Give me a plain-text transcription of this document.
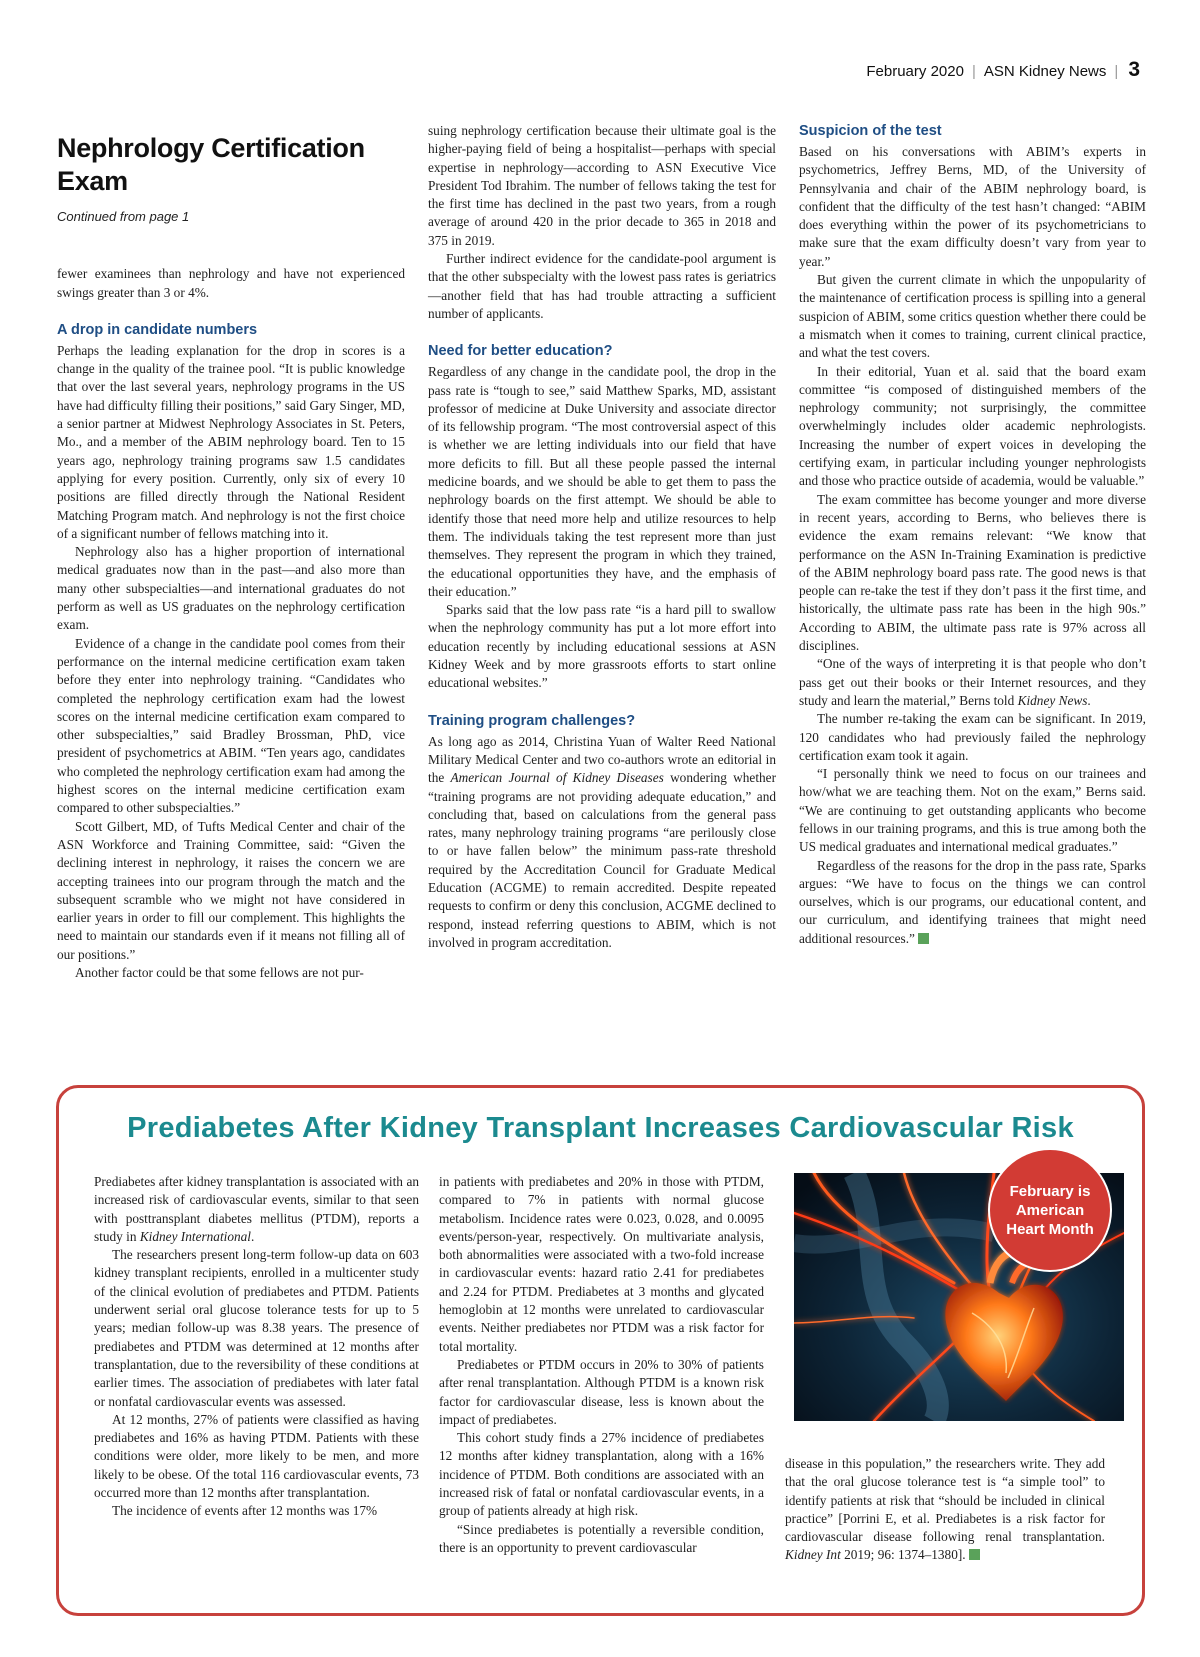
February 2020 | ASN Kidney News | 3
Nephrology Certification Exam
Continued from page 1

fewer examinees than nephrology and have not experienced swings greater than 3 or 4%.

A drop in candidate numbers

Perhaps the leading explanation for the drop in scores is a change in the quality of the trainee pool. “It is public knowledge that over the last several years, nephrology programs in the US have had difficulty filling their positions,” said Gary Singer, MD, a senior partner at Midwest Nephrology Associates in St. Peters, Mo., and a member of the ABIM nephrology board. Ten to 15 years ago, nephrology training programs saw 1.5 candidates applying for every position. Currently, only six of every 10 positions are filled directly through the National Resident Matching Program match. And nephrology is not the first choice of a significant number of fellows matching into it.

Nephrology also has a higher proportion of international medical graduates now than in the past—and also more than many other subspecialties—and international graduates do not perform as well as US graduates on the nephrology certification exam.

Evidence of a change in the candidate pool comes from their performance on the internal medicine certification exam taken before they enter into nephrology training. “Candidates who completed the nephrology certification exam had the lowest scores on the internal medicine certification exam compared to other subspecialties,” said Bradley Brossman, PhD, vice president of psychometrics at ABIM. “Ten years ago, candidates who completed the nephrology certification exam had among the highest scores on the internal medicine certification exam compared to other subspecialties.”

Scott Gilbert, MD, of Tufts Medical Center and chair of the ASN Workforce and Training Committee, said: “Given the declining interest in nephrology, it raises the concern we are accepting trainees into our program through the match and the subsequent scramble who we might not have considered in earlier years in order to fill our complement. This highlights the need to maintain our standards even if it means not filling all of our positions.”

Another factor could be that some fellows are not pur-

suing nephrology certification because their ultimate goal is the higher-paying field of being a hospitalist—perhaps with special expertise in nephrology—according to ASN Executive Vice President Tod Ibrahim. The number of fellows taking the test for the first time has declined in the past two years, from a rough average of around 420 in the prior decade to 365 in 2018 and 375 in 2019.

Further indirect evidence for the candidate-pool argument is that the other subspecialty with the lowest pass rates is geriatrics—another field that has had trouble attracting a sufficient number of applicants.

Need for better education?

Regardless of any change in the candidate pool, the drop in the pass rate is “tough to see,” said Matthew Sparks, MD, assistant professor of medicine at Duke University and associate director of its fellowship program. “The most controversial aspect of this is whether we are letting individuals into our field that have more deficits to fill. But all these people passed the internal medicine boards, and we should be able to get them to pass the nephrology boards on the first attempt. We should be able to identify those that need more help and utilize resources to help them. The individuals taking the test represent more than just themselves. They represent the program in which they trained, the educational opportunities they have, and the emphasis of their education.”

Sparks said that the low pass rate “is a hard pill to swallow when the nephrology community has put a lot more effort into education recently by including educational sessions at ASN Kidney Week and by more grassroots efforts to start online educational websites.”

Training program challenges?

As long ago as 2014, Christina Yuan of Walter Reed National Military Medical Center and two co-authors wrote an editorial in the American Journal of Kidney Diseases wondering whether “training programs are not providing adequate education,” and concluding that, based on calculations from the general pass rates, many nephrology training programs “are perilously close to or have fallen below” the minimum pass-rate threshold required by the Accreditation Council for Graduate Medical Education (ACGME) to remain accredited. Despite repeated requests to confirm or deny this conclusion, ACGME declined to respond, instead referring questions to ABIM, which is not involved in program accreditation.

Suspicion of the test

Based on his conversations with ABIM’s experts in psychometrics, Jeffrey Berns, MD, of the University of Pennsylvania and chair of the ABIM nephrology board, is confident that the difficulty of the test hasn’t changed: “ABIM does everything within the power of its psychometricians to make sure that the exam difficulty doesn’t vary from year to year.”

But given the current climate in which the unpopularity of the maintenance of certification process is spilling into a general suspicion of ABIM, some critics question whether there could be a mismatch when it comes to training, current clinical practice, and what the test covers.

In their editorial, Yuan et al. said that the board exam committee “is composed of distinguished members of the nephrology community; not surprisingly, the committee overwhelmingly includes older academic nephrologists. Increasing the number of expert voices in developing the certifying exam, in particular including younger nephrologists and those who practice outside of academia, would be valuable.”

The exam committee has become younger and more diverse in recent years, according to Berns, who believes there is evidence the exam remains relevant: “We know that performance on the ASN In-Training Examination is predictive of the ABIM nephrology board pass rate. The good news is that people can re-take the test if they don’t pass it the first time, and historically, the ultimate pass rate has been in the high 90s.” According to ABIM, the ultimate pass rate is 97% across all disciplines.

“One of the ways of interpreting it is that people who don’t pass get out their books or their Internet resources, and they study and learn the material,” Berns told Kidney News.

The number re-taking the exam can be significant. In 2019, 120 candidates who had previously failed the nephrology certification exam took it again.

“I personally think we need to focus on our trainees and how/what we are teaching them. Not on the exam,” Berns said. “We are continuing to get outstanding applicants who become fellows in our training programs, and this is true among both the US medical graduates and international medical graduates.”

Regardless of the reasons for the drop in the pass rate, Sparks argues: “We have to focus on the things we can control ourselves, which is our programs, our educational content, and our curriculum, and identifying trainees that might need additional resources.”

Prediabetes After Kidney Transplant Increases Cardiovascular Risk

Prediabetes after kidney transplantation is associated with an increased risk of cardiovascular events, similar to that seen with posttransplant diabetes mellitus (PTDM), reports a study in Kidney International.

The researchers present long-term follow-up data on 603 kidney transplant recipients, enrolled in a multicenter study of the clinical evolution of prediabetes and PTDM. Patients underwent serial oral glucose tolerance tests for up to 5 years; median follow-up was 8.38 years. The presence of prediabetes and PTDM was determined at 12 months after transplantation, due to the reversibility of these conditions at earlier times. The association of prediabetes with later fatal or nonfatal cardiovascular events was assessed.

At 12 months, 27% of patients were classified as having prediabetes and 16% as having PTDM. Patients with these conditions were older, more likely to be men, and more likely to be obese. Of the total 116 cardiovascular events, 73 occurred more than 12 months after transplantation.

The incidence of events after 12 months was 17%

in patients with prediabetes and 20% in those with PTDM, compared to 7% in patients with normal glucose metabolism. Incidence rates were 0.023, 0.028, and 0.0095 events/person-year, respectively. On multivariate analysis, both abnormalities were associated with a two-fold increase in cardiovascular events: hazard ratio 2.41 for prediabetes and 2.24 for PTDM. Prediabetes at 3 months and glycated hemoglobin at 12 months were unrelated to cardiovascular events. Neither prediabetes nor PTDM was a risk factor for total mortality.

Prediabetes or PTDM occurs in 20% to 30% of patients after renal transplantation. Although PTDM is a known risk factor for cardiovascular disease, less is known about the impact of prediabetes.

This cohort study finds a 27% incidence of prediabetes 12 months after kidney transplantation, along with a 16% incidence of PTDM. Both conditions are associated with an increased risk of fatal or nonfatal cardiovascular events, in a group of patients already at high risk.

“Since prediabetes is potentially a reversible condition, there is an opportunity to prevent cardiovascular

disease in this population,” the researchers write. They add that the oral glucose tolerance test is “a simple tool” to identify patients at risk that “should be included in clinical practice” [Porrini E, et al. Prediabetes is a risk factor for cardiovascular disease following renal transplantation. Kidney Int 2019; 96: 1374–1380].

February is American Heart Month
